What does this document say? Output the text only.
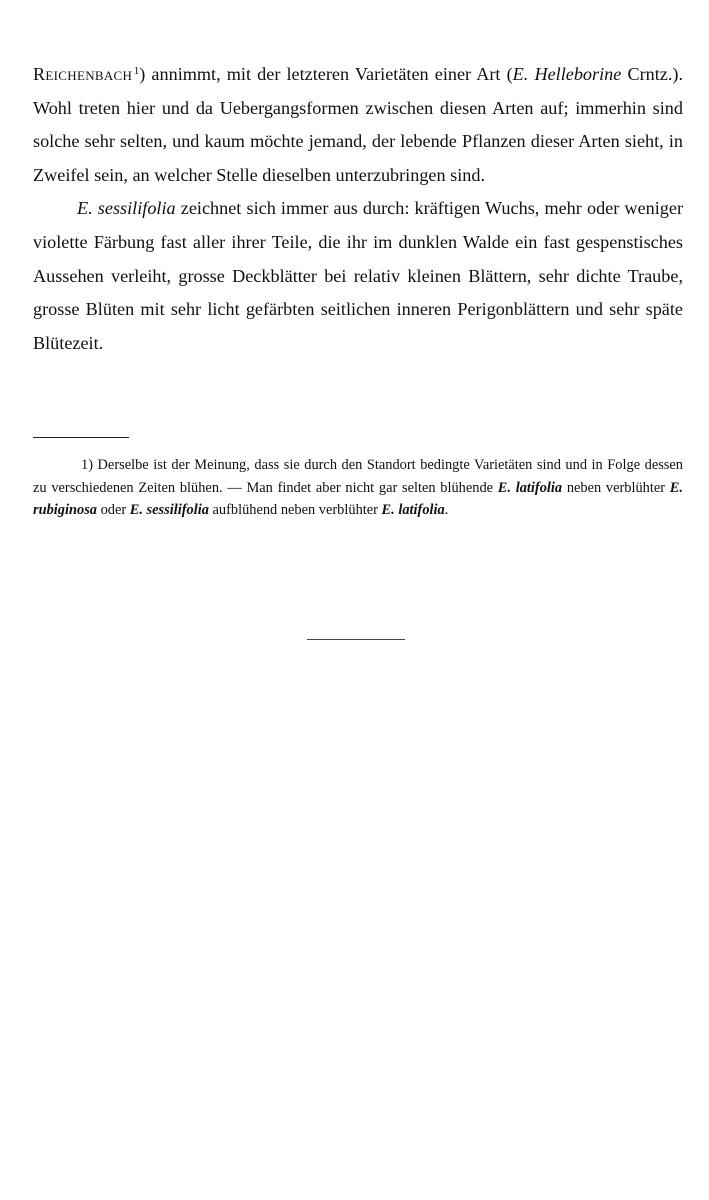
Reichenbach  $^1$) annimmt, mit der letzteren Varietäten einer Art (E. Helleborine Crntz.). Wohl treten hier und da Uebergangsformen zwischen diesen Arten auf; immerhin sind solche sehr selten, und kaum möchte jemand, der lebende Pflanzen dieser Arten sieht, in Zweifel sein, an welcher Stelle dieselben unterzubringen sind.

E. sessilifolia zeichnet sich immer aus durch: kräftigen Wuchs, mehr oder weniger violette Färbung fast aller ihrer Teile, die ihr im dunklen Walde ein fast gespenstisches Aussehen verleiht, grosse Deckblätter bei relativ kleinen Blättern, sehr dichte Traube, grosse Blüten mit sehr licht gefärbten seitlichen inneren Perigonblättern und sehr späte Blütezeit.

1) Derselbe ist der Meinung, dass sie durch den Standort bedingte Varietäten sind und in Folge dessen zu verschiedenen Zeiten blühen. — Man findet aber nicht gar selten blühende E. latifolia neben verblühter E. rubiginosa oder E. sessilifolia aufblühend neben verblühter E. latifolia.
